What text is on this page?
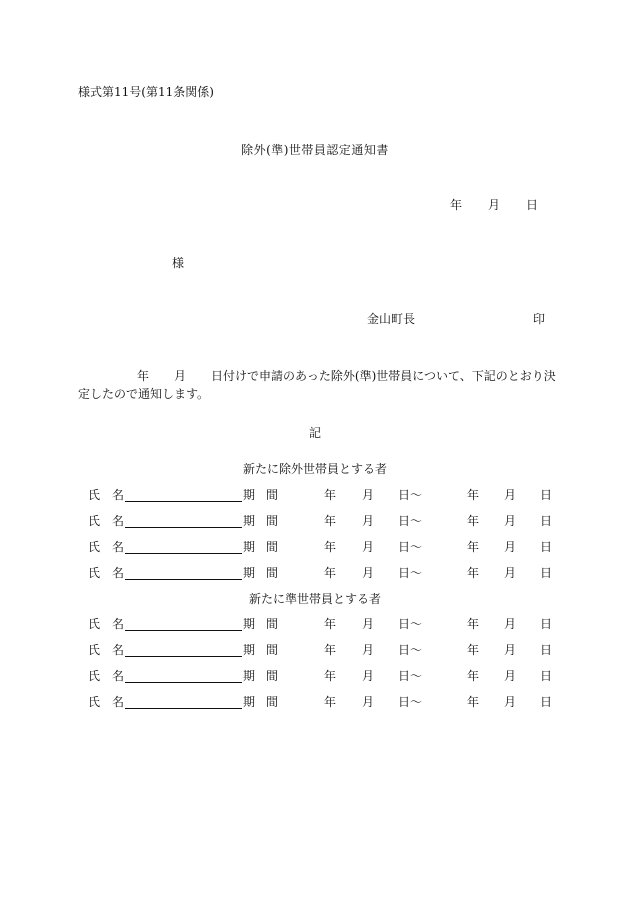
様式第11号(第11条関係)
除外(準)世帯員認定通知書
年 月 日
様
金山町長	印
年 月 日付けで申請のあった除外(準)世帯員について、下記のとおり決
定したので通知します。
記
新たに除外世帯員とする者
氏 名	期 間	年 月 日〜	年 月 日
氏 名	期 間	年 月 日〜	年 月 日
氏 名	期 間	年 月 日〜	年 月 日
氏 名	期 間	年 月 日〜	年 月 日
新たに準世帯員とする者
氏 名	期 間	年 月 日〜	年 月 日
氏 名	期 間	年 月 日〜	年 月 日
氏 名	期 間	年 月 日〜	年 月 日
氏 名	期 間	年 月 日〜	年 月 日
